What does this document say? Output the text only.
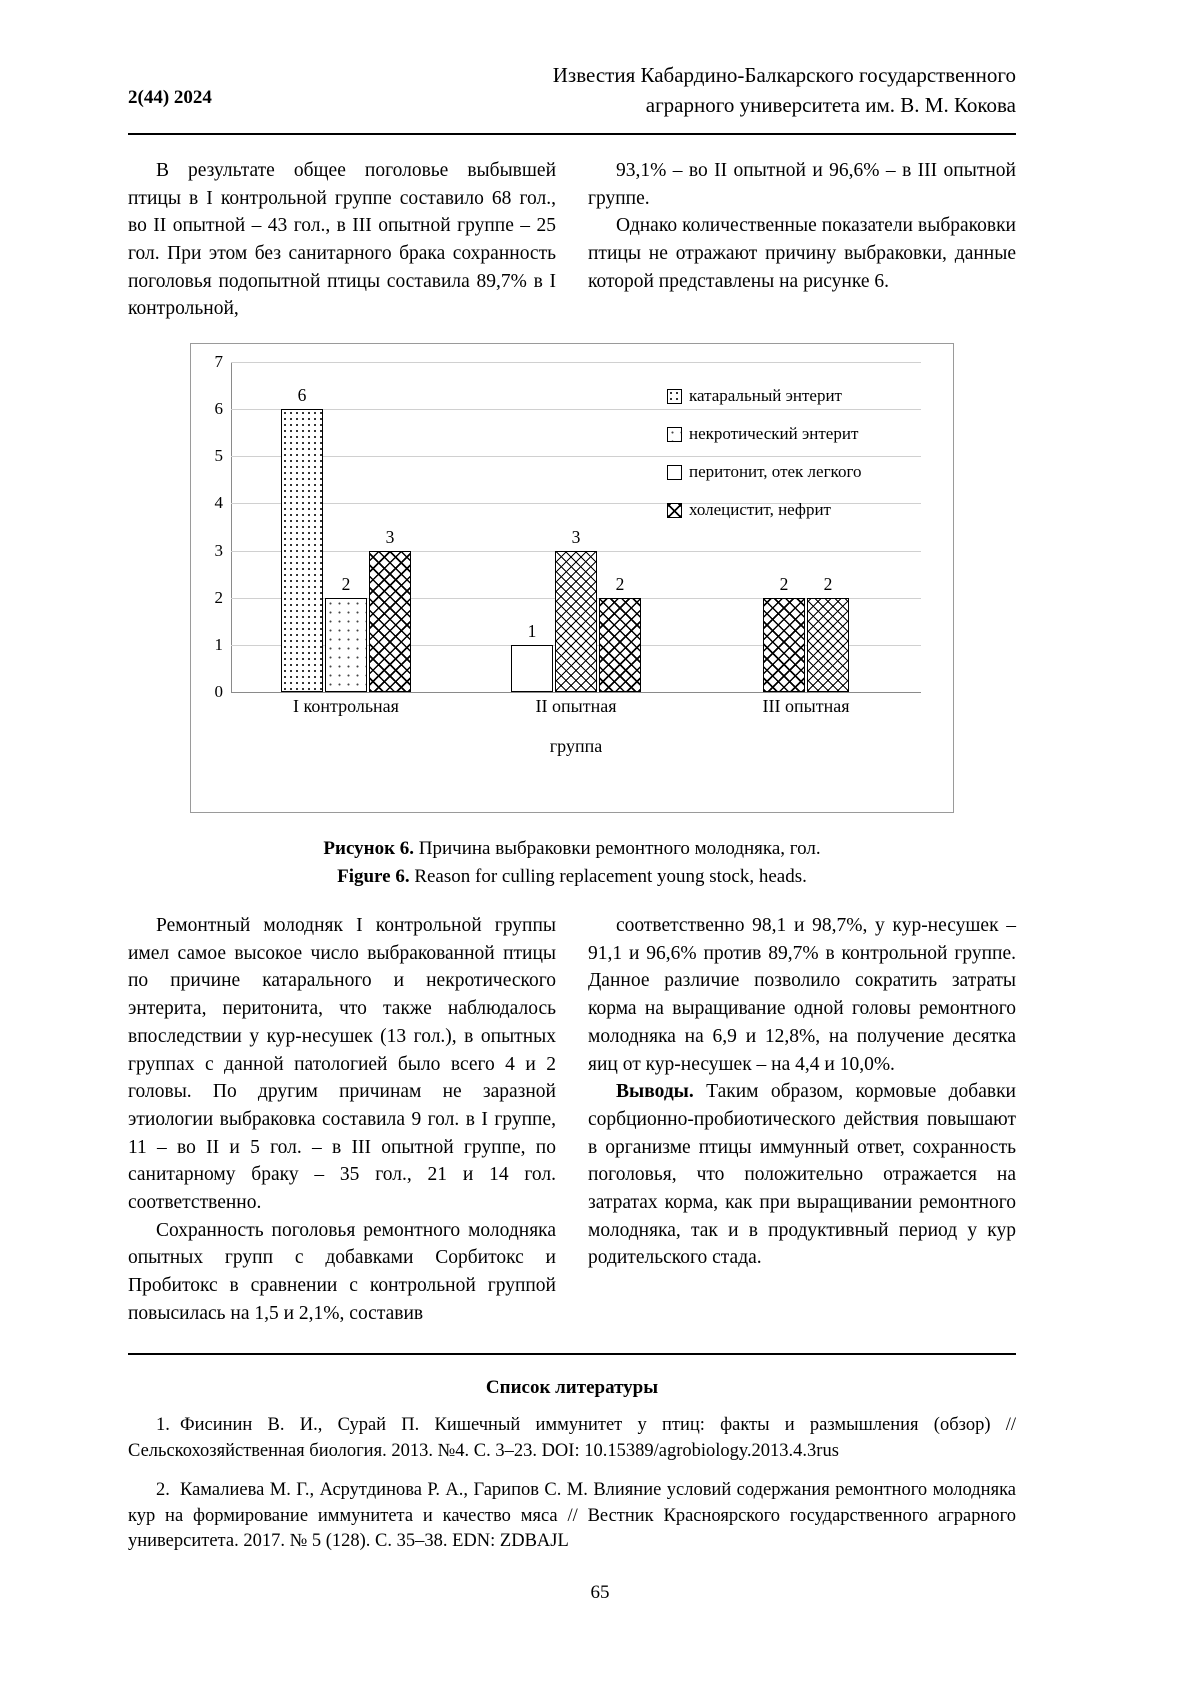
2(44) 2024
Известия Кабардино-Балкарского государственного
аграрного университета им. В. М. Кокова

В результате общее поголовье выбывшей птицы в I контрольной группе составило 68 гол., во II опытной – 43 гол., в III опытной группе – 25 гол. При этом без санитарного брака сохранность поголовья подопытной птицы составила 89,7% в I контрольной,

93,1% – во II опытной и 96,6% – в III опытной группе.

Однако количественные показатели выбраковки птицы не отражают причину выбраковки, данные которой представлены на рисунке 6.

7
6
5
4
3
2
1
0
6
2
3
1
3
2	2	2
I контрольная	II опытная	III опытная
группа
катаральный энтерит
некротический энтерит
перитонит, отек легкого
холецистит, нефрит
Рисунок 6. Причина выбраковки ремонтного молодняка, гол.
Figure 6. Reason for culling replacement young stock, heads.

Ремонтный молодняк I контрольной группы имел самое высокое число выбракованной птицы по причине катарального и некротического энтерита, перитонита, что также наблюдалось впоследствии у кур-несушек (13 гол.), в опытных группах с данной патологией было всего 4 и 2 головы. По другим причинам не заразной этиологии выбраковка составила 9 гол. в I группе, 11 – во II и 5 гол. – в III опытной группе, по санитарному браку – 35 гол., 21 и 14 гол. соответственно.

Сохранность поголовья ремонтного молодняка опытных групп с добавками Сорбитокс и Пробитокс в сравнении с контрольной группой повысилась на 1,5 и 2,1%, составив

соответственно 98,1 и 98,7%, у кур-несушек – 91,1 и 96,6% против 89,7% в контрольной группе. Данное различие позволило сократить затраты корма на выращивание одной головы ремонтного молодняка на 6,9 и 12,8%, на получение десятка яиц от кур-несушек – на 4,4 и 10,0%.

Выводы. Таким образом, кормовые добавки сорбционно-пробиотического действия повышают в организме птицы иммунный ответ, сохранность поголовья, что положительно отражается на затратах корма, как при выращивании ремонтного молодняка, так и в продуктивный период у кур родительского стада.

Список литературы
1. Фисинин В. И., Сурай П. Кишечный иммунитет у птиц: факты и размышления (обзор) // Сельскохозяйственная биология. 2013. №4. С. 3–23. DOI: 10.15389/agrobiology.2013.4.3rus
2. Камалиева М. Г., Асрутдинова Р. А., Гарипов С. М. Влияние условий содержания ремонтного молодняка кур на формирование иммунитета и качество мяса // Вестник Красноярского государственного аграрного университета. 2017. № 5 (128). С. 35–38. EDN: ZDBAJL
65
